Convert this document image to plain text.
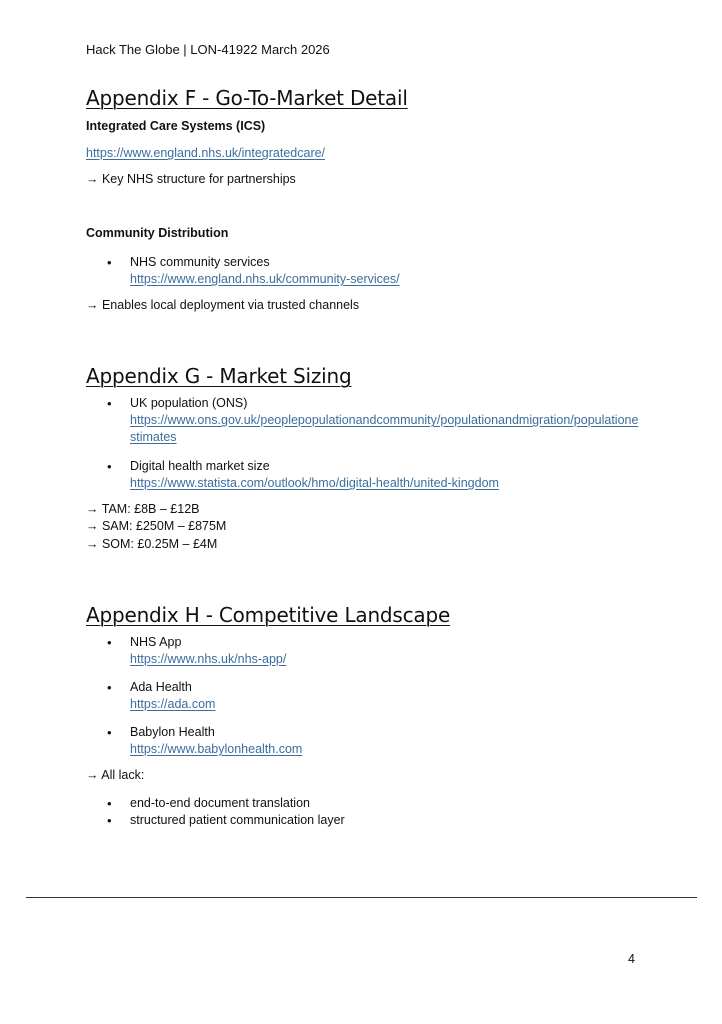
Hack The Globe | LON-41922 March 2026
Appendix F - Go-To-Market Detail
Integrated Care Systems (ICS)
https://www.england.nhs.uk/integratedcare/
→ Key NHS structure for partnerships
Community Distribution
• NHS community services
https://www.england.nhs.uk/community-services/
→ Enables local deployment via trusted channels
Appendix G - Market Sizing
• UK population (ONS)
https://www.ons.gov.uk/peoplepopulationandcommunity/populationandmigration/populationestimates
• Digital health market size
https://www.statista.com/outlook/hmo/digital-health/united-kingdom
→ TAM: £8B – £12B
→ SAM: £250M – £875M
→ SOM: £0.25M – £4M
Appendix H - Competitive Landscape
• NHS App
https://www.nhs.uk/nhs-app/
• Ada Health
https://ada.com
• Babylon Health
https://www.babylonhealth.com
→ All lack:
• end-to-end document translation
• structured patient communication layer
4
